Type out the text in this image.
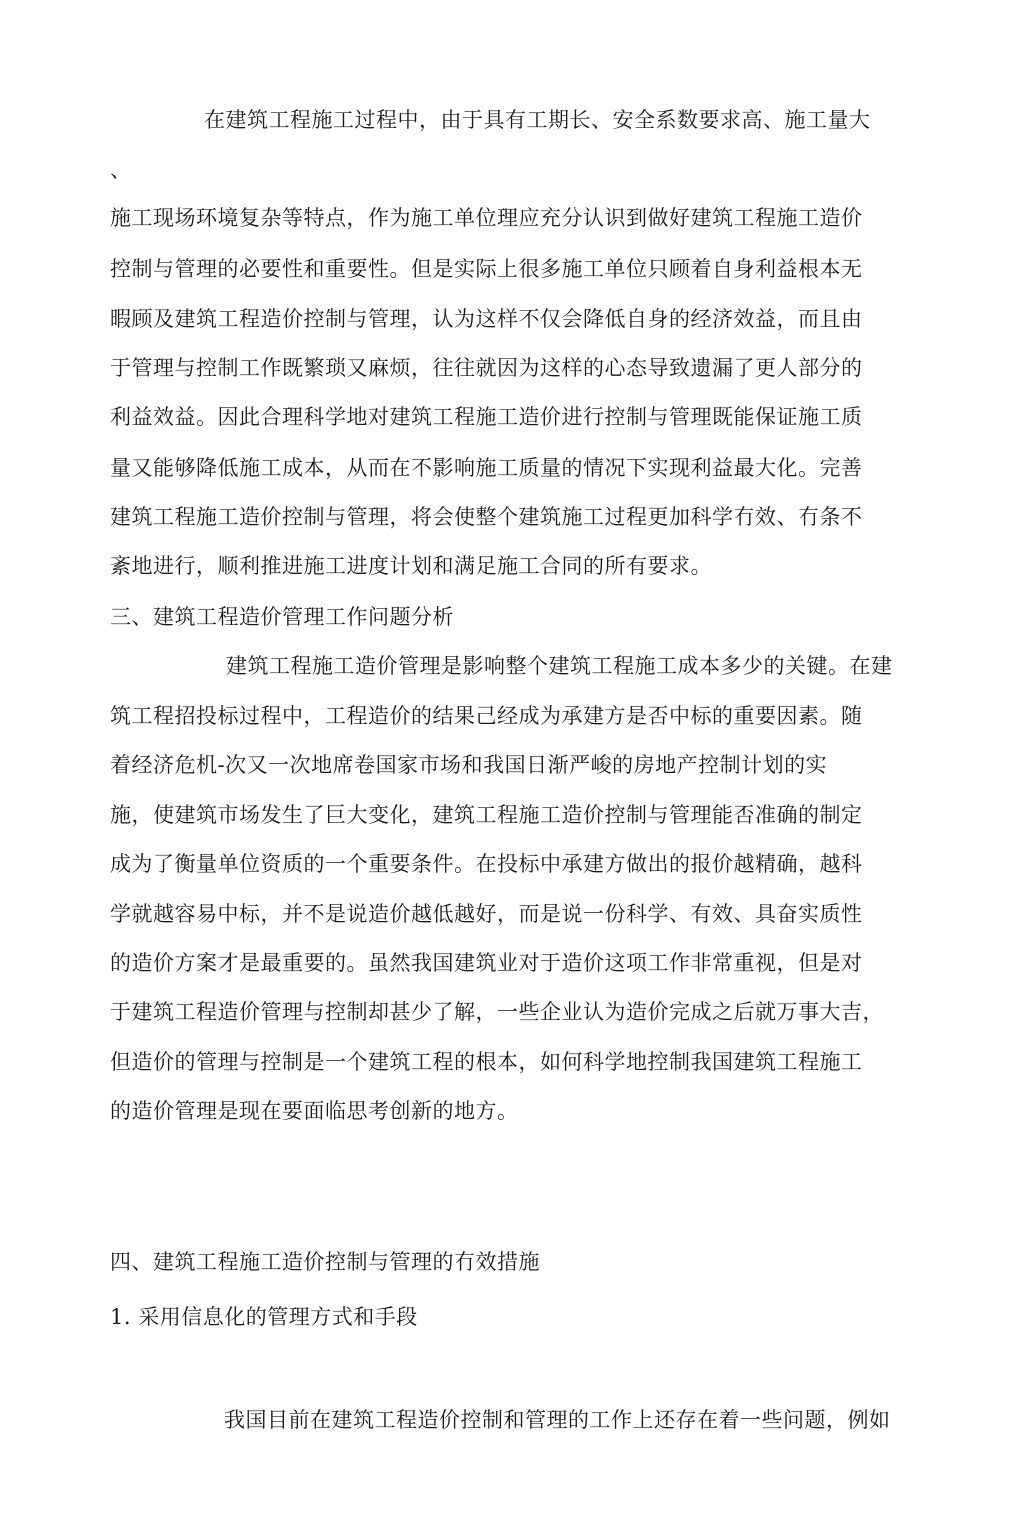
在建筑工程施工过程中，由于具有工期长、安全系数要求高、施工量大
、
施工现场环境复杂等特点，作为施工单位理应充分认识到做好建筑工程施工造价
控制与管理的必要性和重要性。但是实际上很多施工单位只顾着自身利益根本无
暇顾及建筑工程造价控制与管理，认为这样不仅会降低自身的经济效益，而且由
于管理与控制工作既繁琐又麻烦，往往就因为这样的心态导致遗漏了更人部分的
利益效益。因此合理科学地对建筑工程施工造价进行控制与管理既能保证施工质
量又能够降低施工成本，从而在不影响施工质量的情况下实现利益最大化。完善
建筑工程施工造价控制与管理，将会使整个建筑施工过程更加科学冇效、冇条不
紊地进行，顺利推进施工进度计划和满足施工合同的所有要求。
三、建筑工程造价管理工作问题分析
建筑工程施工造价管理是影响整个建筑工程施工成本多少的关键。在建
筑工程招投标过程中，工程造价的结果己经成为承建方是否中标的重要因素。随
着经济危机-次又一次地席卷国家市场和我国日渐严峻的房地产控制计划的实
施，使建筑市场发生了巨大变化，建筑工程施工造价控制与管理能否准确的制定
成为了衡量单位资质的一个重要条件。在投标中承建方做出的报价越精确，越科
学就越容易中标，并不是说造价越低越好，而是说一份科学、有效、具奋实质性
的造价方案才是最重要的。虽然我国建筑业对于造价这项工作非常重视，但是对
于建筑工程造价管理与控制却甚少了解，一些企业认为造价完成之后就万事大吉，
但造价的管理与控制是一个建筑工程的根本，如何科学地控制我国建筑工程施工
的造价管理是现在要面临思考创新的地方。
四、建筑工程施工造价控制与管理的冇效措施
1. 采用信息化的管理方式和手段
我国目前在建筑工程造价控制和管理的工作上还存在着一些问题，例如
